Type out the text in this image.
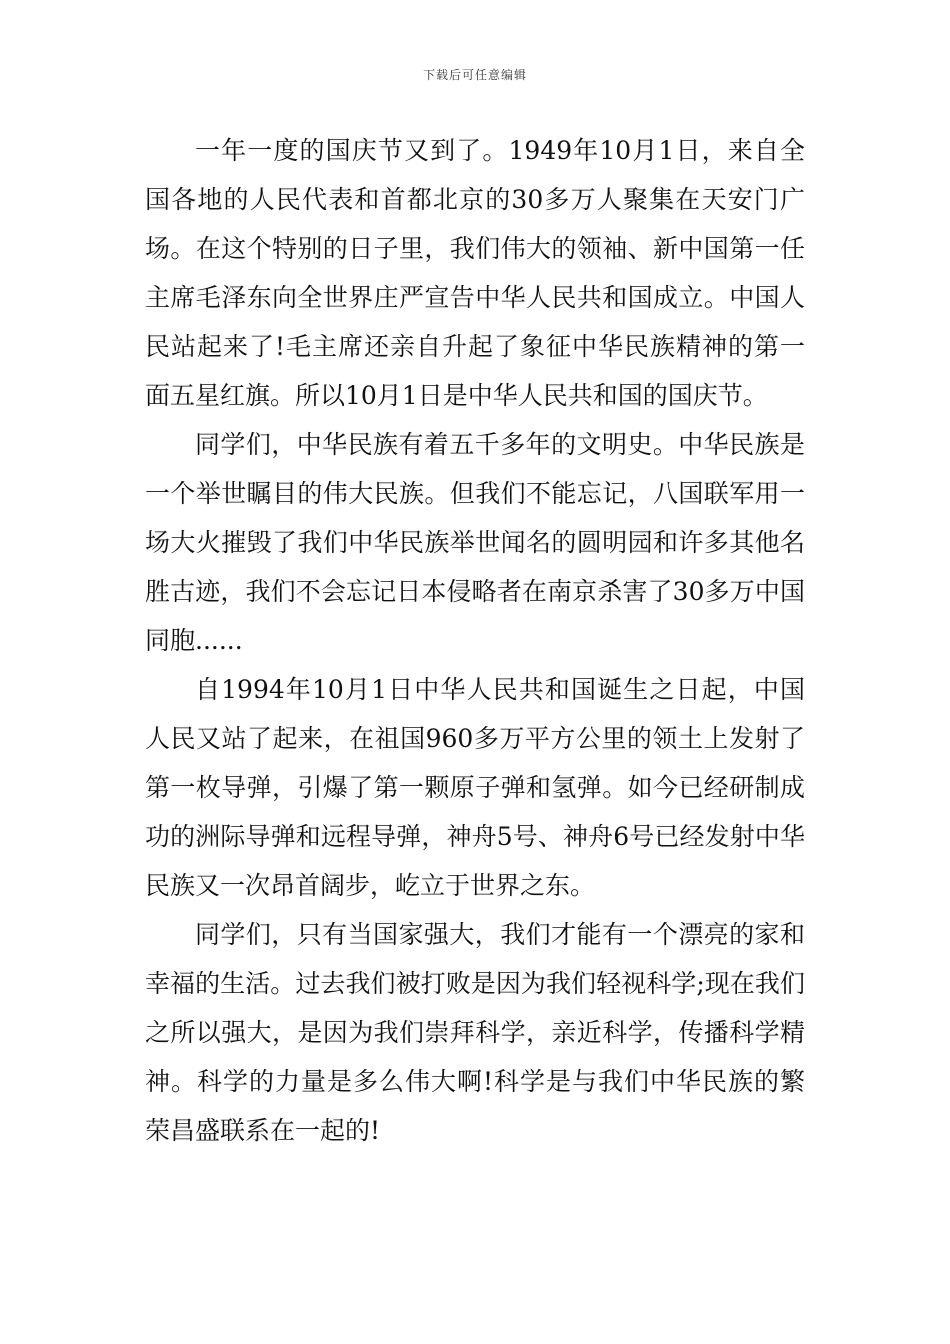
下载后可任意编辑

一年一度的国庆节又到了。1949年10月1日，来自全国各地的人民代表和首都北京的30多万人聚集在天安门广场。在这个特别的日子里，我们伟大的领袖、新中国第一任主席毛泽东向全世界庄严宣告中华人民共和国成立。中国人民站起来了!毛主席还亲自升起了象征中华民族精神的第一面五星红旗。所以10月1日是中华人民共和国的国庆节。

同学们，中华民族有着五千多年的文明史。中华民族是一个举世瞩目的伟大民族。但我们不能忘记，八国联军用一场大火摧毁了我们中华民族举世闻名的圆明园和许多其他名胜古迹，我们不会忘记日本侵略者在南京杀害了30多万中国同胞......

自1994年10月1日中华人民共和国诞生之日起，中国人民又站了起来，在祖国960多万平方公里的领土上发射了第一枚导弹，引爆了第一颗原子弹和氢弹。如今已经研制成功的洲际导弹和远程导弹，神舟5号、神舟6号已经发射中华民族又一次昂首阔步，屹立于世界之东。

同学们，只有当国家强大，我们才能有一个漂亮的家和幸福的生活。过去我们被打败是因为我们轻视科学;现在我们之所以强大，是因为我们崇拜科学，亲近科学，传播科学精神。科学的力量是多么伟大啊!科学是与我们中华民族的繁荣昌盛联系在一起的!
